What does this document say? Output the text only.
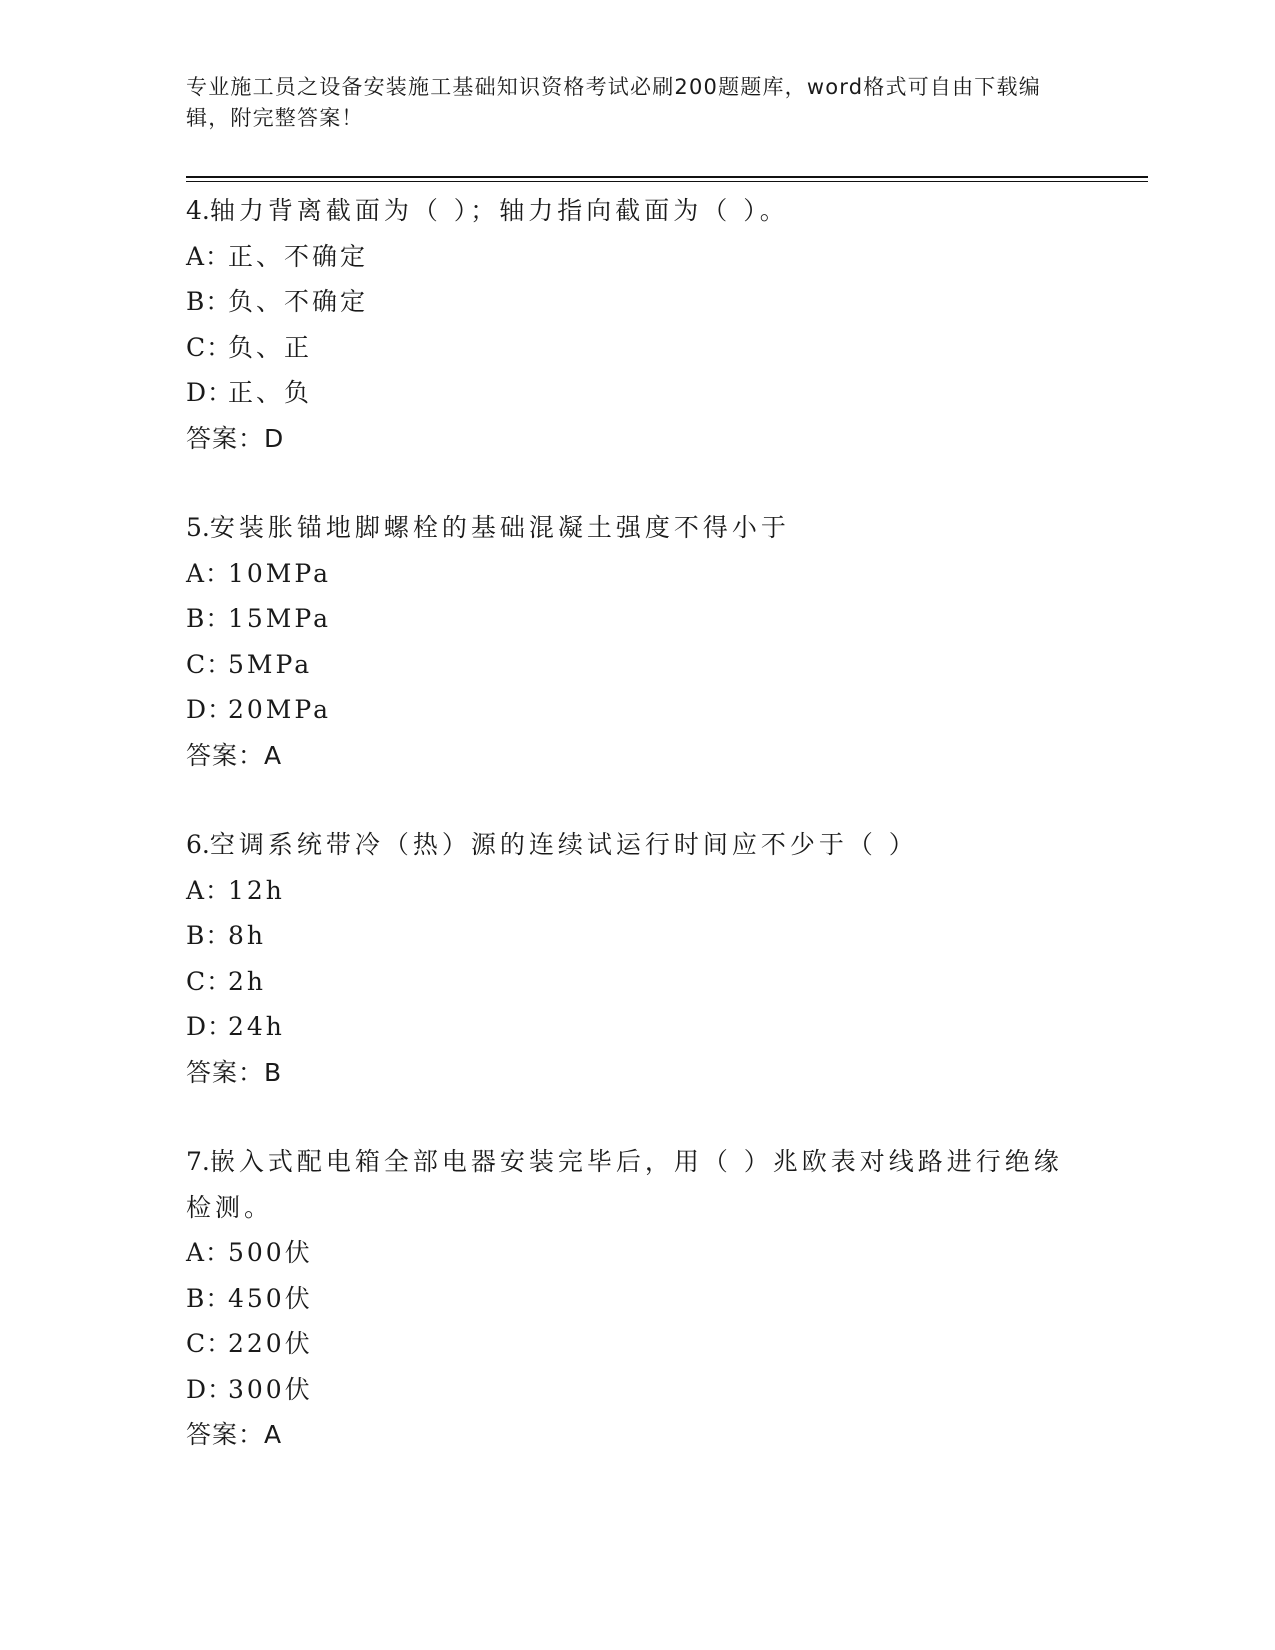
专业施工员之设备安装施工基础知识资格考试必刷200题题库，word格式可自由下载编辑，附完整答案！

4.轴力背离截面为（ ）；轴力指向截面为（ ）。

A：正、不确定

B：负、不确定

C：负、正

D：正、负

答案：D

5.安装胀锚地脚螺栓的基础混凝土强度不得小于

A：10MPa

B：15MPa

C：5MPa

D：20MPa

答案：A

6.空调系统带冷（热）源的连续试运行时间应不少于（ ）

A：12h

B：8h

C：2h

D：24h

答案：B

7.嵌入式配电箱全部电器安装完毕后，用（ ）兆欧表对线路进行绝缘检测。

A：500伏

B：450伏

C：220伏

D：300伏

答案：A
